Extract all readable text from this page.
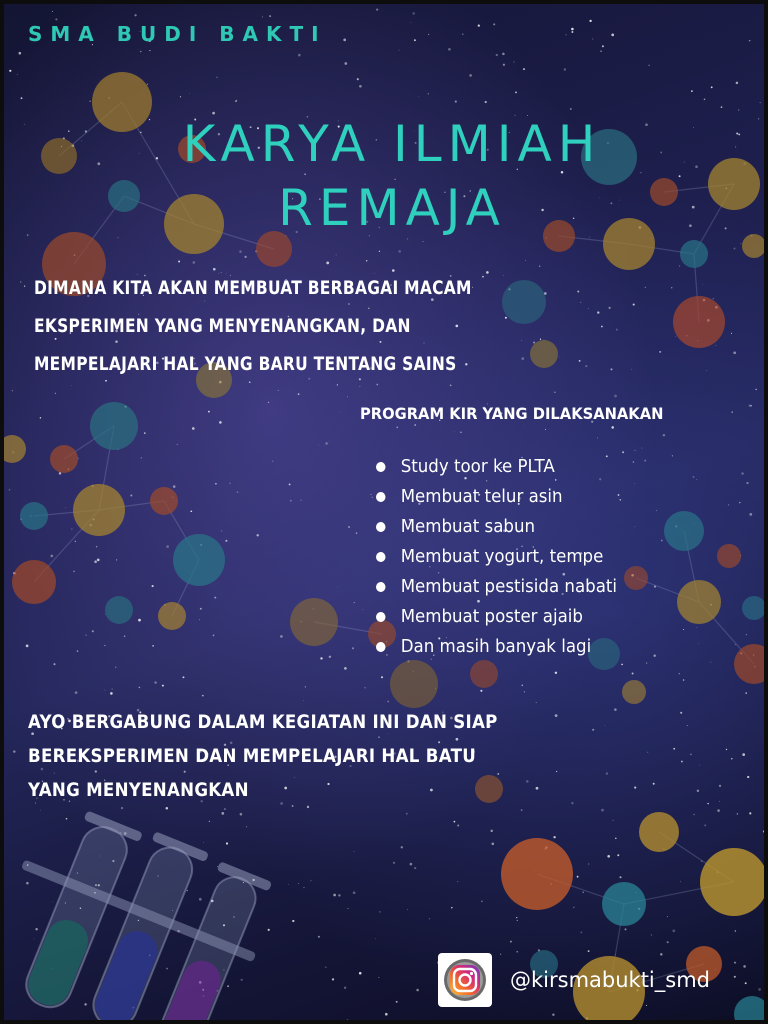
SMA BUDI BAKTI
KARYA ILMIAH
REMAJA
DIMANA KITA AKAN MEMBUAT BERBAGAI MACAM
EKSPERIMEN YANG MENYENANGKAN, DAN
MEMPELAJARI HAL YANG BARU TENTANG SAINS
PROGRAM KIR YANG DILAKSANAKAN
Study toor ke PLTA
Membuat telur asin
Membuat sabun
Membuat yogurt, tempe
Membuat pestisida nabati
Membuat poster ajaib
Dan masih banyak lagi
AYO BERGABUNG DALAM KEGIATAN INI DAN SIAP
BEREKSPERIMEN DAN MEMPELAJARI HAL BATU
YANG MENYENANGKAN
@kirsmabukti_smd
